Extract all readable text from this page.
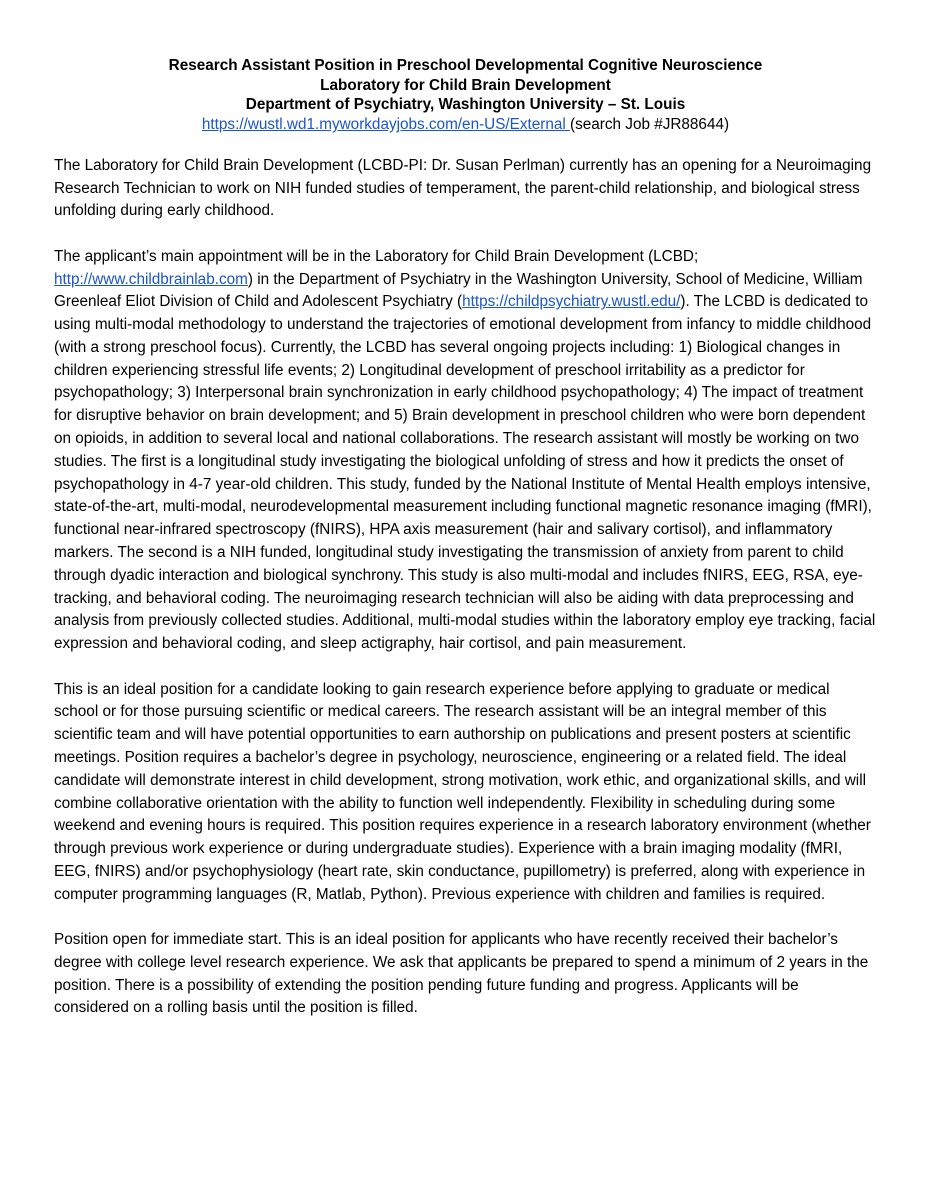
Research Assistant Position in Preschool Developmental Cognitive Neuroscience
Laboratory for Child Brain Development
Department of Psychiatry, Washington University – St. Louis
https://wustl.wd1.myworkdayjobs.com/en-US/External (search Job #JR88644)

The Laboratory for Child Brain Development (LCBD-PI: Dr. Susan Perlman) currently has an opening for a Neuroimaging Research Technician to work on NIH funded studies of temperament, the parent-child relationship, and biological stress unfolding during early childhood.

The applicant’s main appointment will be in the Laboratory for Child Brain Development (LCBD; http://www.childbrainlab.com) in the Department of Psychiatry in the Washington University, School of Medicine, William Greenleaf Eliot Division of Child and Adolescent Psychiatry (https://childpsychiatry.wustl.edu/). The LCBD is dedicated to using multi-modal methodology to understand the trajectories of emotional development from infancy to middle childhood (with a strong preschool focus). Currently, the LCBD has several ongoing projects including: 1) Biological changes in children experiencing stressful life events; 2) Longitudinal development of preschool irritability as a predictor for psychopathology; 3) Interpersonal brain synchronization in early childhood psychopathology; 4) The impact of treatment for disruptive behavior on brain development; and 5) Brain development in preschool children who were born dependent on opioids, in addition to several local and national collaborations. The research assistant will mostly be working on two studies. The first is a longitudinal study investigating the biological unfolding of stress and how it predicts the onset of psychopathology in 4-7 year-old children. This study, funded by the National Institute of Mental Health employs intensive, state-of-the-art, multi-modal, neurodevelopmental measurement including functional magnetic resonance imaging (fMRI), functional near-infrared spectroscopy (fNIRS), HPA axis measurement (hair and salivary cortisol), and inflammatory markers. The second is a NIH funded, longitudinal study investigating the transmission of anxiety from parent to child through dyadic interaction and biological synchrony. This study is also multi-modal and includes fNIRS, EEG, RSA, eye-tracking, and behavioral coding. The neuroimaging research technician will also be aiding with data preprocessing and analysis from previously collected studies. Additional, multi-modal studies within the laboratory employ eye tracking, facial expression and behavioral coding, and sleep actigraphy, hair cortisol, and pain measurement.

This is an ideal position for a candidate looking to gain research experience before applying to graduate or medical school or for those pursuing scientific or medical careers. The research assistant will be an integral member of this scientific team and will have potential opportunities to earn authorship on publications and present posters at scientific meetings. Position requires a bachelor’s degree in psychology, neuroscience, engineering or a related field. The ideal candidate will demonstrate interest in child development, strong motivation, work ethic, and organizational skills, and will combine collaborative orientation with the ability to function well independently. Flexibility in scheduling during some weekend and evening hours is required. This position requires experience in a research laboratory environment (whether through previous work experience or during undergraduate studies). Experience with a brain imaging modality (fMRI, EEG, fNIRS) and/or psychophysiology (heart rate, skin conductance, pupillometry) is preferred, along with experience in computer programming languages (R, Matlab, Python). Previous experience with children and families is required.

Position open for immediate start. This is an ideal position for applicants who have recently received their bachelor’s degree with college level research experience. We ask that applicants be prepared to spend a minimum of 2 years in the position. There is a possibility of extending the position pending future funding and progress. Applicants will be considered on a rolling basis until the position is filled.
